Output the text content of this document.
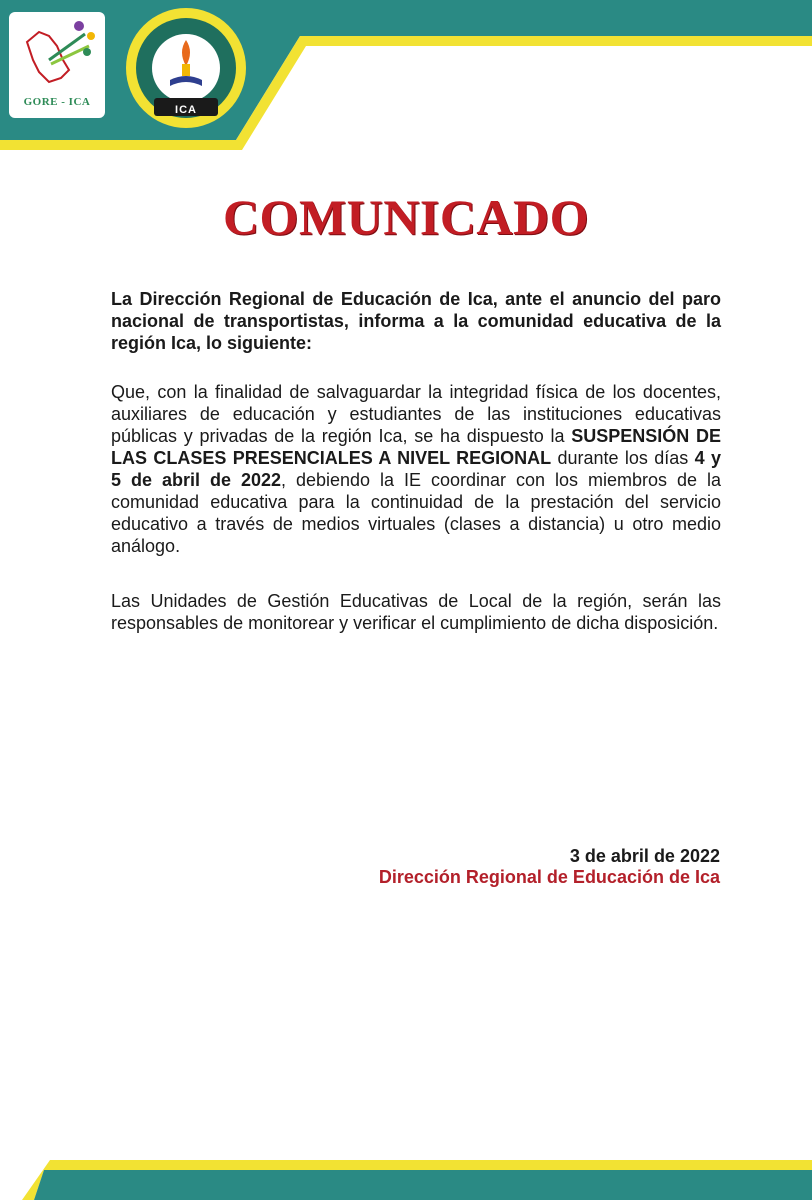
GORE - ICA
ICA
COMUNICADO
La Dirección Regional de Educación de Ica, ante el anuncio del paro nacional de transportistas, informa a la comunidad educativa de la región Ica, lo siguiente:
Que, con la finalidad de salvaguardar la integridad física de los docentes, auxiliares de educación y estudiantes de las instituciones educativas públicas y privadas de la región Ica, se ha dispuesto la SUSPENSIÓN DE LAS CLASES PRESENCIALES A NIVEL REGIONAL durante los días 4 y 5 de abril de 2022, debiendo la IE coordinar con los miembros de la comunidad educativa para la continuidad de la prestación del servicio educativo a través de medios virtuales (clases a distancia) u otro medio análogo.
Las Unidades de Gestión Educativas de Local de la región, serán las responsables de monitorear y verificar el cumplimiento de dicha disposición.
3 de abril de 2022
Dirección Regional de Educación de Ica
